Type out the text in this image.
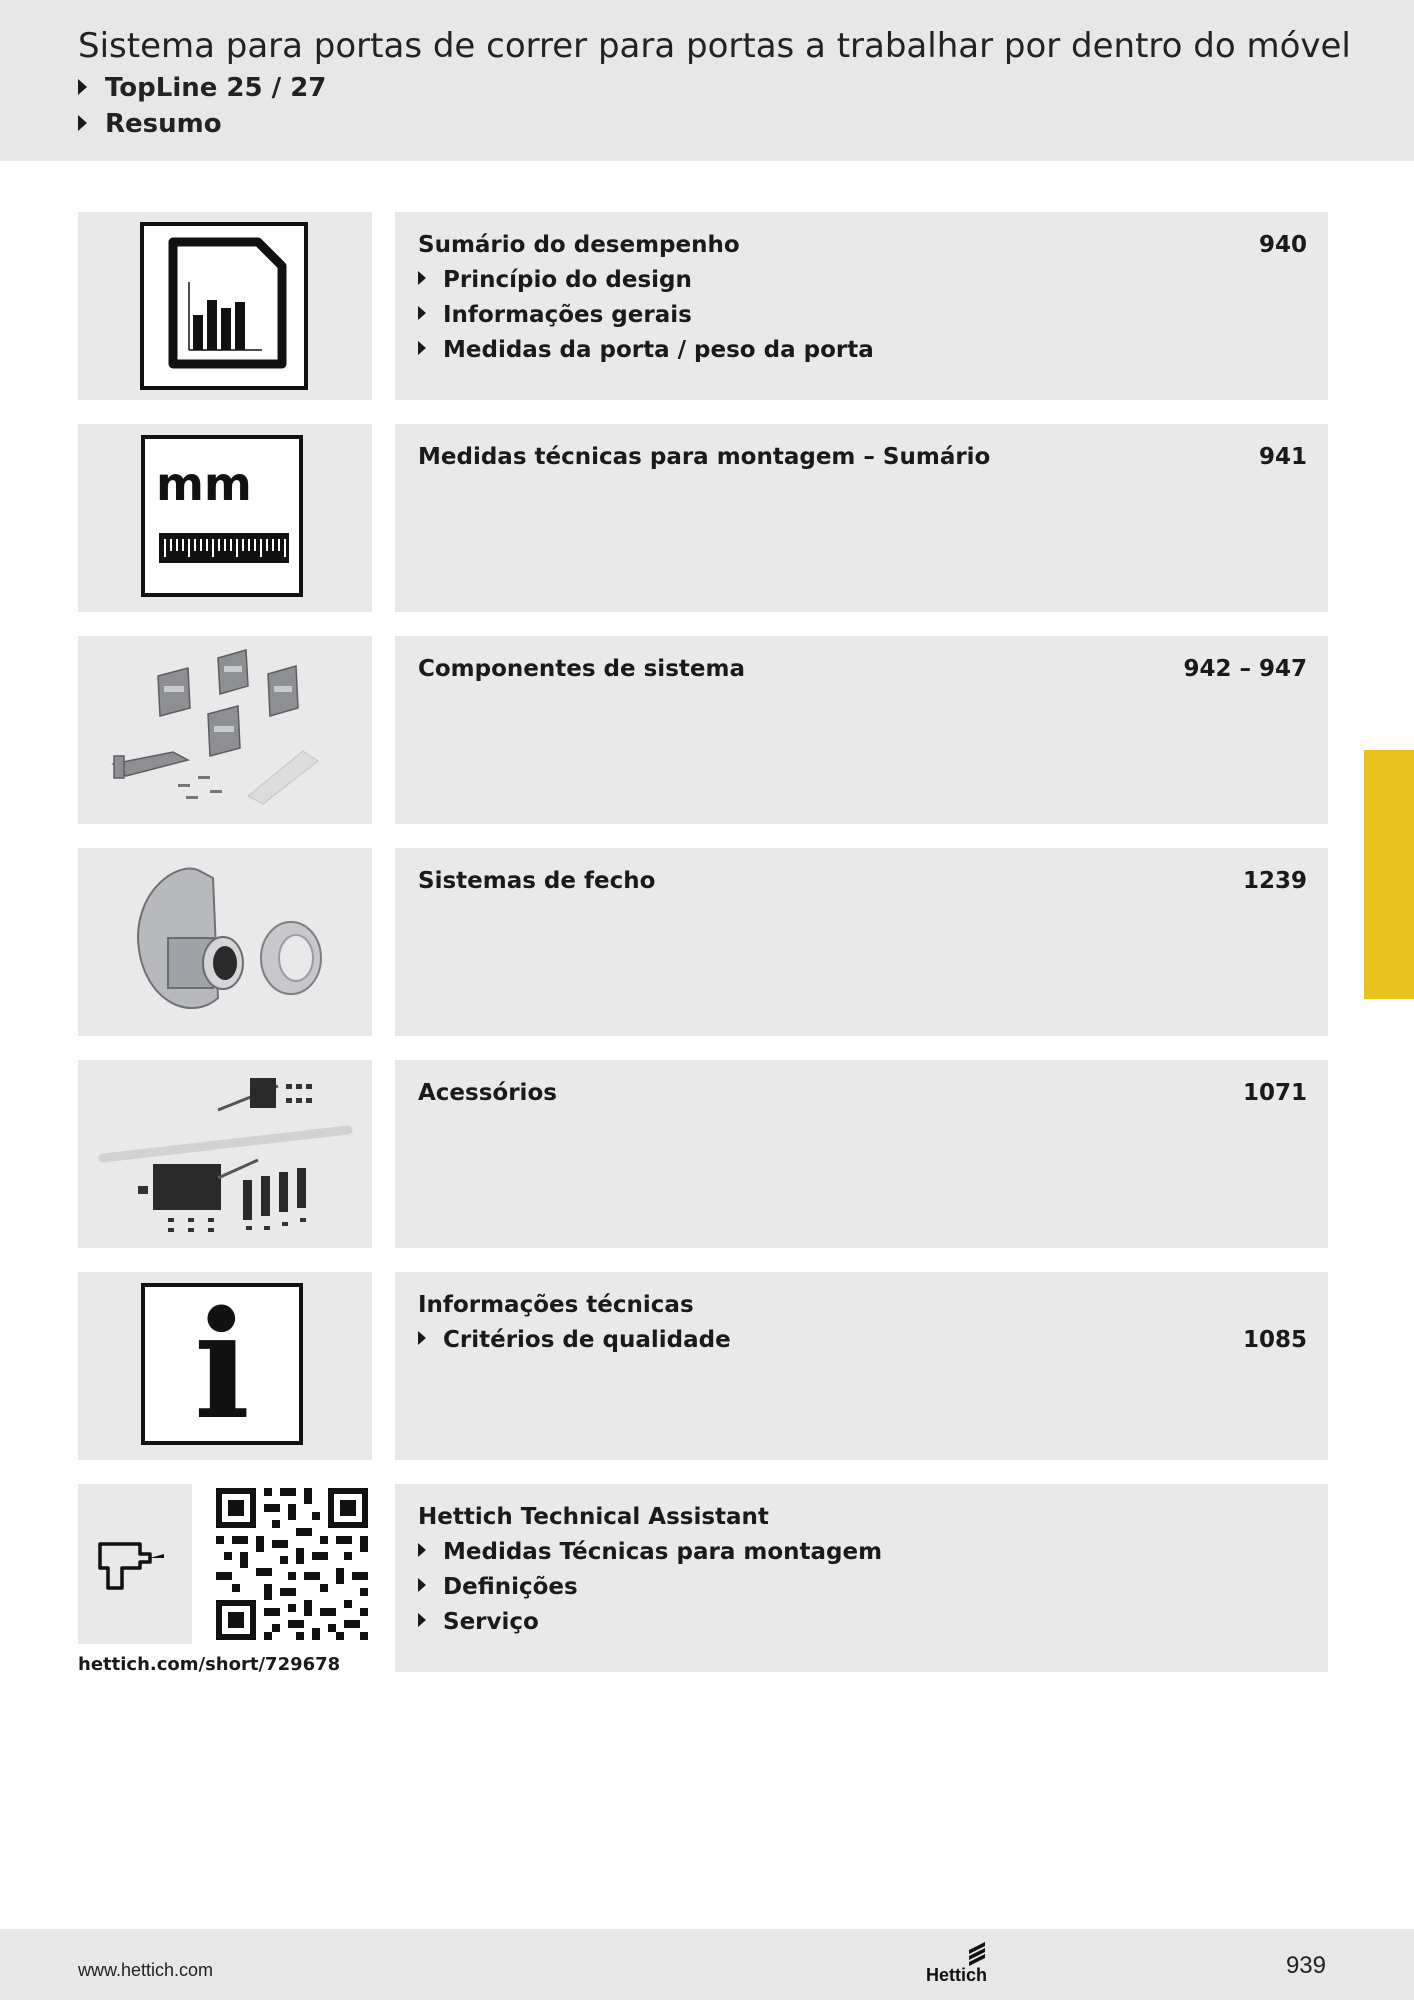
Sistema para portas de correr para portas a trabalhar por dentro do móvel
TopLine 25 / 27
Resumo
Sumário do desempenho	940
Princípio do design
Informações gerais
Medidas da porta / peso da porta
mm
Medidas técnicas para montagem – Sumário	941
Componentes de sistema	942 – 947
Sistemas de fecho	1239
Acessórios	1071
i	Informações técnicas
Critérios de qualidade	1085
Hettich Technical Assistant
Medidas Técnicas para montagem
Definições
Serviço
hettich.com/short/729678
www.hettich.com	Hettich	939
